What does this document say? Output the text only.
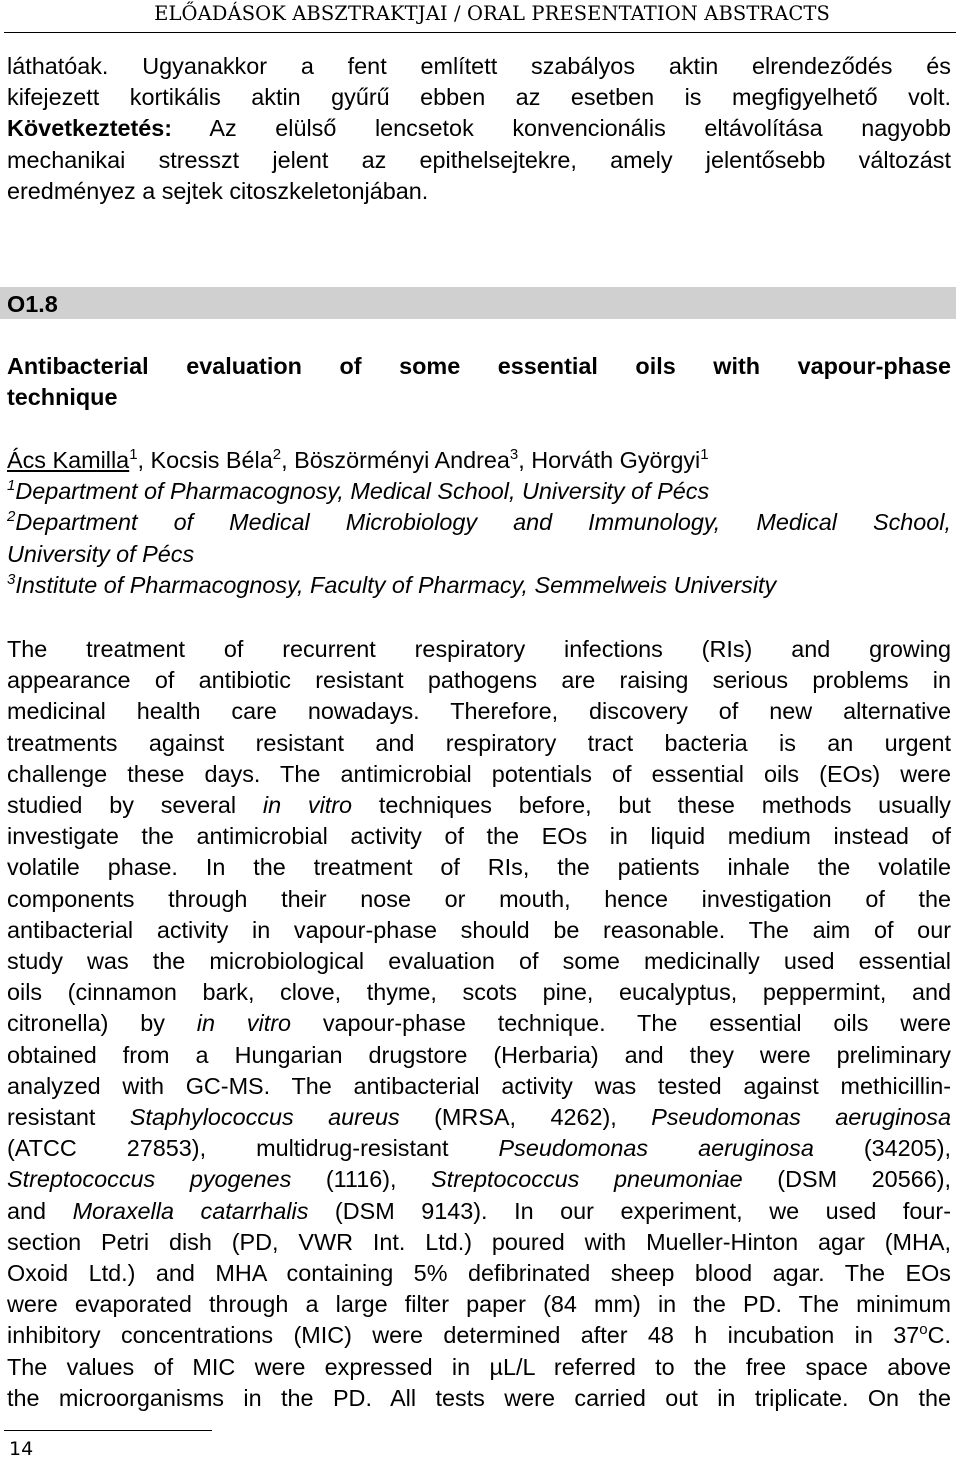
ELŐADÁSOK ABSZTRAKTJAI / ORAL PRESENTATION ABSTRACTS
láthatóak. Ugyanakkor a fent említett szabályos aktin elrendeződés és
kifejezett kortikális aktin gyűrű ebben az esetben is megfigyelhető volt.
Következtetés: Az elülső lencsetok konvencionális eltávolítása nagyobb
mechanikai stresszt jelent az epithelsejtekre, amely jelentősebb változást
eredményez a sejtek citoszkeletonjában.
O1.8
Antibacterial evaluation of some essential oils with vapour-phase
technique
Ács Kamilla$^1$, Kocsis Béla$^2$, Böszörményi Andrea$^3$, Horváth Györgyi$^1$
$^1$Department of Pharmacognosy, Medical School, University of Pécs
$^2$Department of Medical Microbiology and Immunology, Medical School,
University of Pécs
$^3$Institute of Pharmacognosy, Faculty of Pharmacy, Semmelweis University
The treatment of recurrent respiratory infections (RIs) and growing
appearance of antibiotic resistant pathogens are raising serious problems in
medicinal health care nowadays. Therefore, discovery of new alternative
treatments against resistant and respiratory tract bacteria is an urgent
challenge these days. The antimicrobial potentials of essential oils (EOs) were
studied by several in vitro techniques before, but these methods usually
investigate the antimicrobial activity of the EOs in liquid medium instead of
volatile phase. In the treatment of RIs, the patients inhale the volatile
components through their nose or mouth, hence investigation of the
antibacterial activity in vapour-phase should be reasonable. The aim of our
study was the microbiological evaluation of some medicinally used essential
oils (cinnamon bark, clove, thyme, scots pine, eucalyptus, peppermint, and
citronella) by in vitro vapour-phase technique. The essential oils were
obtained from a Hungarian drugstore (Herbaria) and they were preliminary
analyzed with GC-MS. The antibacterial activity was tested against methicillin-
resistant Staphylococcus aureus (MRSA, 4262), Pseudomonas aeruginosa
(ATCC 27853), multidrug-resistant Pseudomonas aeruginosa (34205),
Streptococcus pyogenes (1116), Streptococcus pneumoniae (DSM 20566),
and Moraxella catarrhalis (DSM 9143). In our experiment, we used four-
section Petri dish (PD, VWR Int. Ltd.) poured with Mueller-Hinton agar (MHA,
Oxoid Ltd.) and MHA containing 5% defibrinated sheep blood agar. The EOs
were evaporated through a large filter paper (84 mm) in the PD. The minimum
inhibitory concentrations (MIC) were determined after 48 h incubation in 37$^o$C.
The values of MIC were expressed in µL/L referred to the free space above
the microorganisms in the PD. All tests were carried out in triplicate. On the
14
